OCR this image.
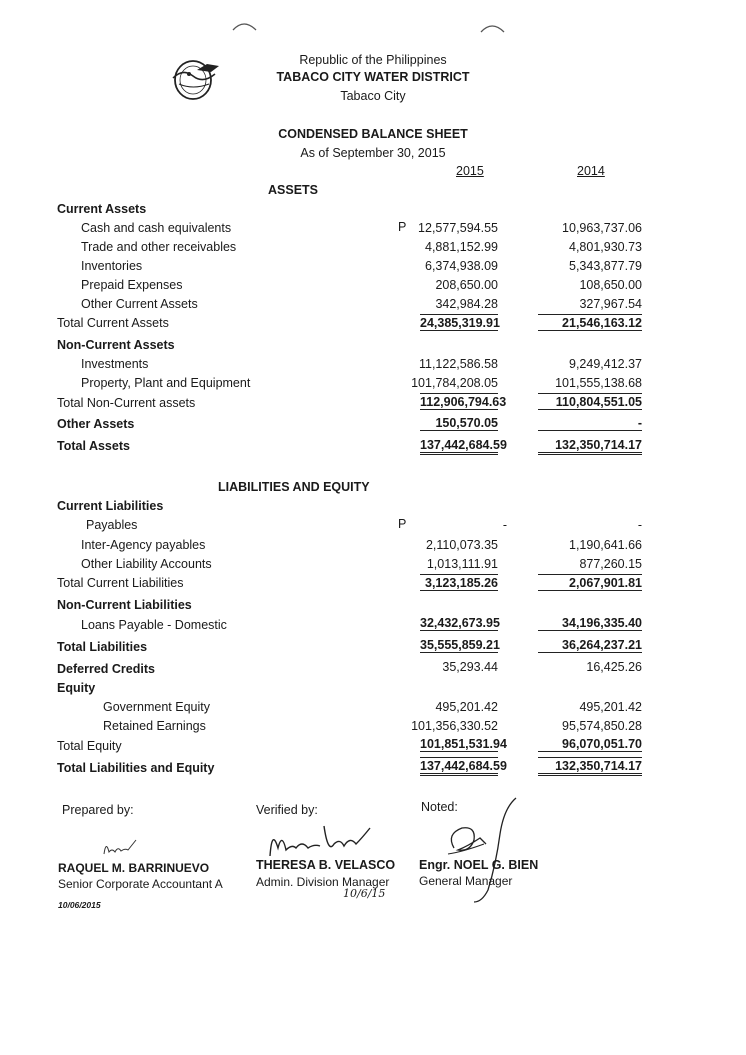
Republic of the Philippines
TABACO CITY WATER DISTRICT
Tabaco City
CONDENSED BALANCE SHEET
As of September 30, 2015
2015	2014
ASSETS
Current Assets
Cash and cash equivalents	P 12,577,594.55	10,963,737.06
Trade and other receivables	4,881,152.99	4,801,930.73
Inventories	6,374,938.09	5,343,877.79
Prepaid Expenses	208,650.00	108,650.00
Other Current Assets	342,984.28	327,967.54
Total Current Assets	24,385,319.91	21,546,163.12
Non-Current Assets
Investments	11,122,586.58	9,249,412.37
Property, Plant and Equipment	101,784,208.05	101,555,138.68
Total Non-Current assets	112,906,794.63	110,804,551.05
Other Assets	150,570.05	-
Total Assets	137,442,684.59	132,350,714.17
LIABILITIES AND EQUITY
Current Liabilities
Payables	P	-	-
Inter-Agency payables	2,110,073.35	1,190,641.66
Other Liability Accounts	1,013,111.91	877,260.15
Total Current Liabilities	3,123,185.26	2,067,901.81
Non-Current Liabilities
Loans Payable - Domestic	32,432,673.95	34,196,335.40
Total Liabilities	35,555,859.21	36,264,237.21
Deferred Credits	35,293.44	16,425.26
Equity
Government Equity	495,201.42	495,201.42
Retained Earnings	101,356,330.52	95,574,850.28
Total Equity	101,851,531.94	96,070,051.70
Total Liabilities and Equity	137,442,684.59	132,350,714.17
Prepared by:	Verified by:	Noted:
RAQUEL M. BARRINUEVO
Senior Corporate Accountant A
10/06/2015
THERESA B. VELASCO
Admin. Division Manager
10/6/15
Engr. NOEL G. BIEN
General Manager
